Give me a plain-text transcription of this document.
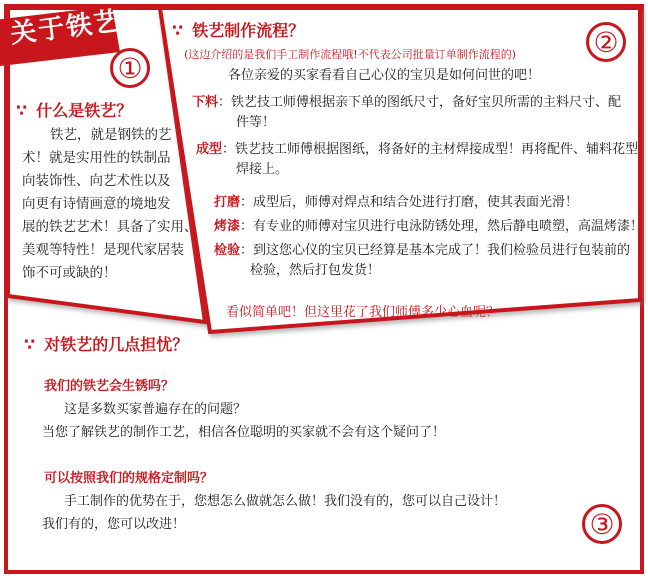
关于铁艺
①
∵ 什么是铁艺？
铁艺，就是钢铁的艺
术！就是实用性的铁制品
向装饰性、向艺术性以及
向更有诗情画意的境地发
展的铁艺艺术！具备了实用、
美观等特性！是现代家居装
饰不可或缺的！
②
∵ 铁艺制作流程？
(这边介绍的是我们手工制作流程哦!不代表公司批量订单制作流程的)
各位亲爱的买家看看自己心仪的宝贝是如何问世的吧！
下料：铁艺技工师傅根据亲下单的图纸尺寸，备好宝贝所需的主料尺寸、配
件等！
成型：铁艺技工师傅根据图纸，将备好的主材焊接成型！再将配件、辅料花型
焊接上。
打磨：成型后，师傅对焊点和结合处进行打磨，使其表面光滑！
烤漆：有专业的师傅对宝贝进行电泳防锈处理，然后静电喷塑，高温烤漆！
检验：到这您心仪的宝贝已经算是基本完成了！我们检验员进行包装前的
检验，然后打包发货！
看似简单吧！但这里花了我们师傅多少心血呢？
∵ 对铁艺的几点担忧？
我们的铁艺会生锈吗？
这是多数买家普遍存在的问题？
当您了解铁艺的制作工艺，相信各位聪明的买家就不会有这个疑问了！
可以按照我们的规格定制吗？
手工制作的优势在于，您想怎么做就怎么做！我们没有的，您可以自己设计！
我们有的，您可以改进！	③
